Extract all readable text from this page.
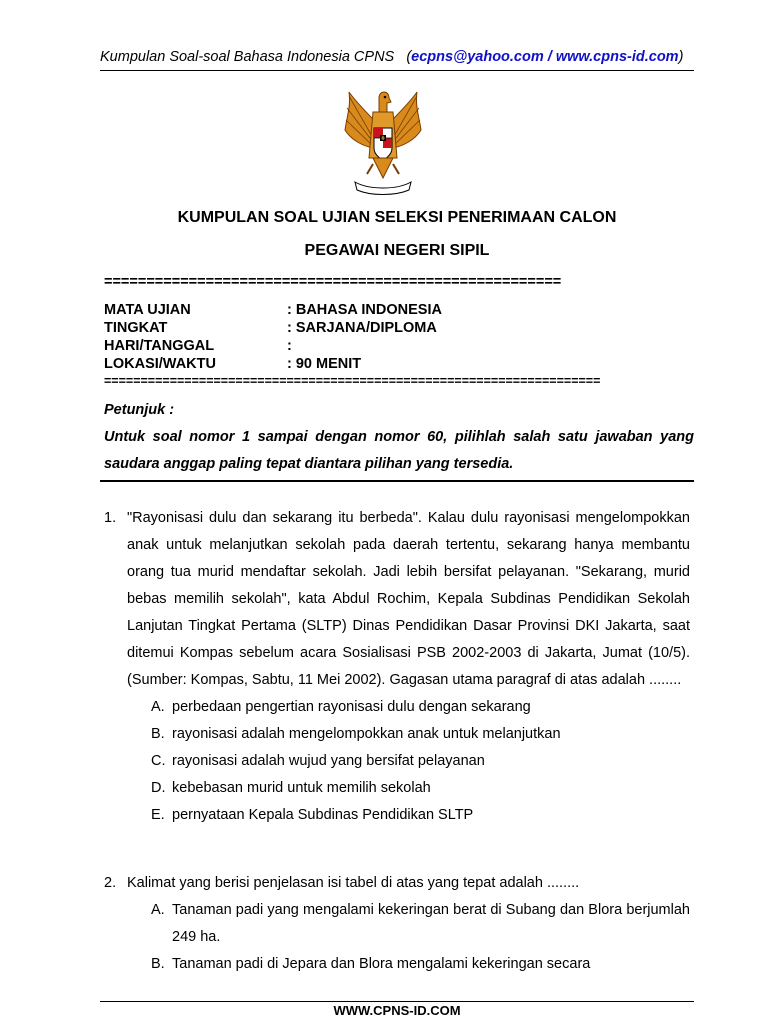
Kumpulan Soal-soal Bahasa Indonesia CPNS (ecpns@yahoo.com / www.cpns-id.com)
KUMPULAN SOAL UJIAN SELEKSI PENERIMAAN CALON
PEGAWAI NEGERI SIPIL
======================================================
MATA UJIAN	: BAHASA INDONESIA
TINGKAT	: SARJANA/DIPLOMA
HARI/TANGGAL	:
LOKASI/WAKTU	: 90 MENIT
====================================================================
Petunjuk :
Untuk soal nomor 1 sampai dengan nomor 60, pilihlah salah satu jawaban yang saudara anggap paling tepat diantara pilihan yang tersedia.
1. "Rayonisasi dulu dan sekarang itu berbeda". Kalau dulu rayonisasi mengelompokkan anak untuk melanjutkan sekolah pada daerah tertentu, sekarang hanya membantu orang tua murid mendaftar sekolah. Jadi lebih bersifat pelayanan. "Sekarang, murid bebas memilih sekolah", kata Abdul Rochim, Kepala Subdinas Pendidikan Sekolah Lanjutan Tingkat Pertama (SLTP) Dinas Pendidikan Dasar Provinsi DKI Jakarta, saat ditemui Kompas sebelum acara Sosialisasi PSB 2002-2003 di Jakarta, Jumat (10/5). (Sumber: Kompas, Sabtu, 11 Mei 2002). Gagasan utama paragraf di atas adalah ........
A. perbedaan pengertian rayonisasi dulu dengan sekarang
B. rayonisasi adalah mengelompokkan anak untuk melanjutkan
C. rayonisasi adalah wujud yang bersifat pelayanan
D. kebebasan murid untuk memilih sekolah
E. pernyataan Kepala Subdinas Pendidikan SLTP
2. Kalimat yang berisi penjelasan isi tabel di atas yang tepat adalah ........
A. Tanaman padi yang mengalami kekeringan berat di Subang dan Blora berjumlah 249 ha.
B. Tanaman padi di Jepara dan Blora mengalami kekeringan secara
WWW.CPNS-ID.COM
